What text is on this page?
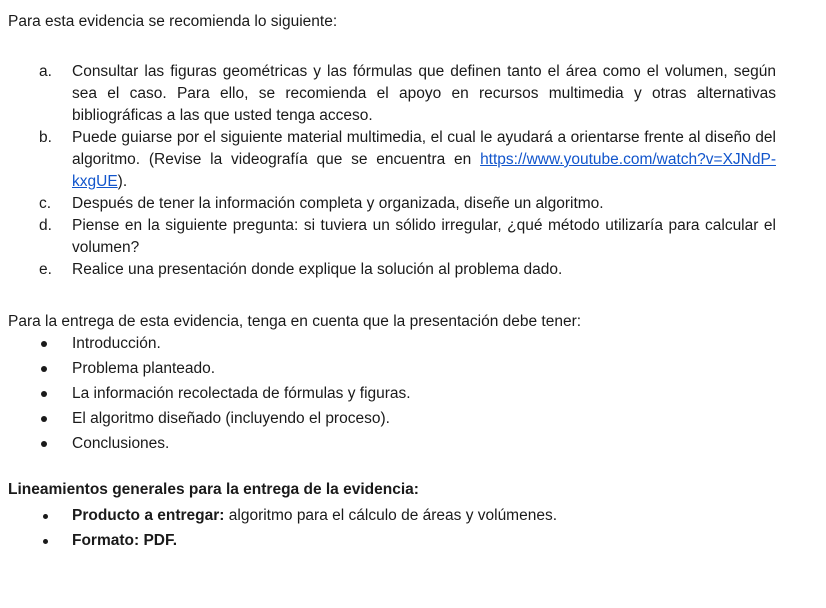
Para esta evidencia se recomienda lo siguiente:

a. Consultar las figuras geométricas y las fórmulas que definen tanto el área como el volumen, según sea el caso. Para ello, se recomienda el apoyo en recursos multimedia y otras alternativas bibliográficas a las que usted tenga acceso.
b. Puede guiarse por el siguiente material multimedia, el cual le ayudará a orientarse frente al diseño del algoritmo. (Revise la videografía que se encuentra en https://www.youtube.com/watch?v=XJNdP-kxgUE).
c. Después de tener la información completa y organizada, diseñe un algoritmo.
d. Piense en la siguiente pregunta: si tuviera un sólido irregular, ¿qué método utilizaría para calcular el volumen?
e. Realice una presentación donde explique la solución al problema dado.

Para la entrega de esta evidencia, tenga en cuenta que la presentación debe tener:

Introducción.
Problema planteado.
La información recolectada de fórmulas y figuras.
El algoritmo diseñado (incluyendo el proceso).
Conclusiones.

Lineamientos generales para la entrega de la evidencia:

Producto a entregar: algoritmo para el cálculo de áreas y volúmenes.
Formato: PDF.
